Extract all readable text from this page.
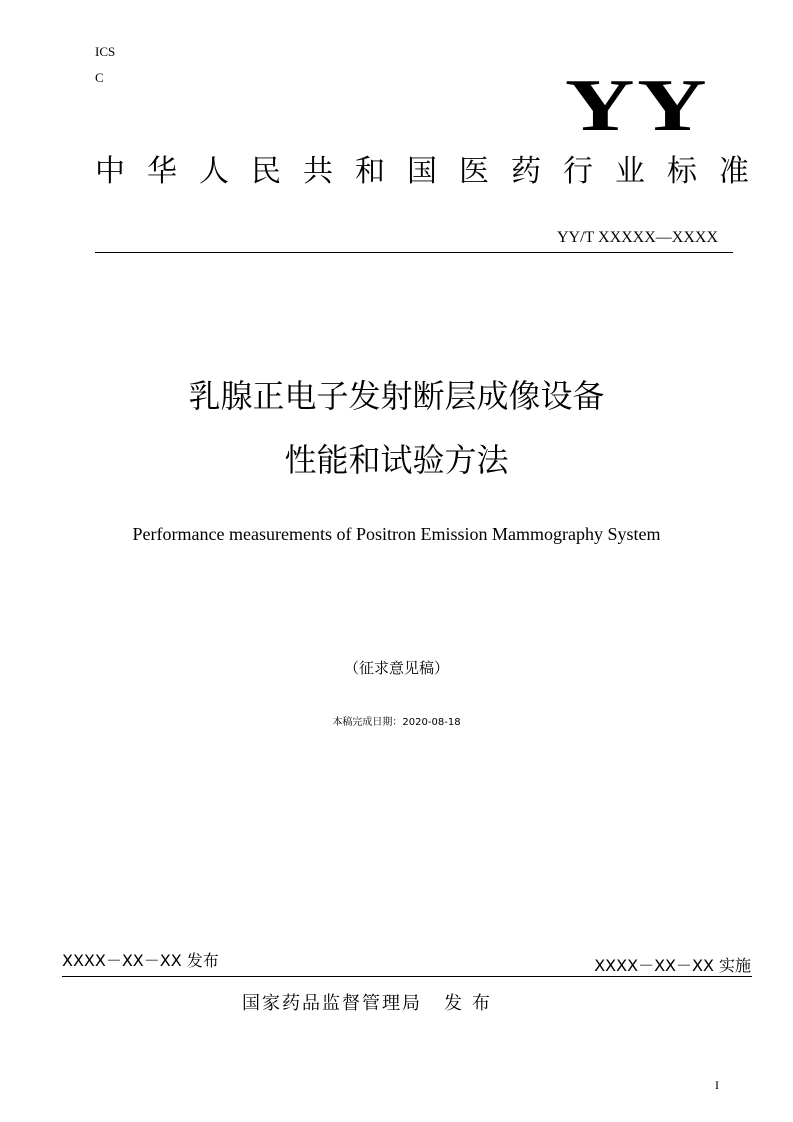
ICS
C	YY
中华人民共和国医药行业标准
YY/T XXXXX—XXXX
乳腺正电子发射断层成像设备
性能和试验方法
Performance measurements of Positron Emission Mammography System
（征求意见稿）
本稿完成日期：2020-08-18
XXXX－XX－XX 发布	XXXX－XX－XX 实施
国家药品监督管理局 发布
I
